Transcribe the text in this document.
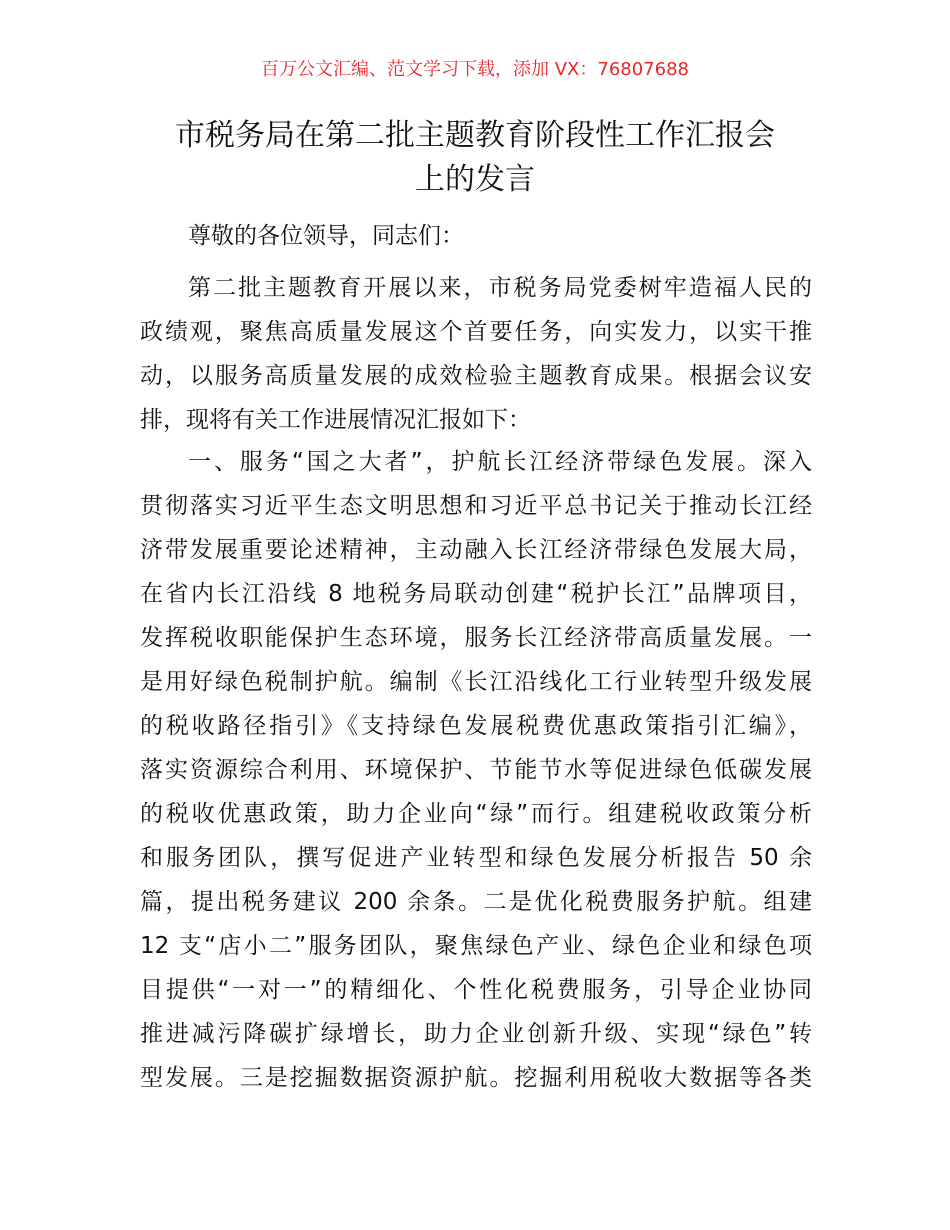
百万公文汇编、范文学习下载，添加 VX：76807688
市税务局在第二批主题教育阶段性工作汇报会
上的发言
尊敬的各位领导，同志们：
第二批主题教育开展以来，市税务局党委树牢造福人民的
政绩观，聚焦高质量发展这个首要任务，向实发力，以实干推
动，以服务高质量发展的成效检验主题教育成果。根据会议安
排，现将有关工作进展情况汇报如下：
一、服务“国之大者”，护航长江经济带绿色发展。深入
贯彻落实习近平生态文明思想和习近平总书记关于推动长江经
济带发展重要论述精神，主动融入长江经济带绿色发展大局，
在省内长江沿线 8 地税务局联动创建“税护长江”品牌项目，
发挥税收职能保护生态环境，服务长江经济带高质量发展。一
是用好绿色税制护航。编制《长江沿线化工行业转型升级发展
的税收路径指引》《支持绿色发展税费优惠政策指引汇编》，
落实资源综合利用、环境保护、节能节水等促进绿色低碳发展
的税收优惠政策，助力企业向“绿”而行。组建税收政策分析
和服务团队，撰写促进产业转型和绿色发展分析报告 50 余
篇，提出税务建议 200 余条。二是优化税费服务护航。组建
12 支“店小二”服务团队，聚焦绿色产业、绿色企业和绿色项
目提供“一对一”的精细化、个性化税费服务，引导企业协同
推进减污降碳扩绿增长，助力企业创新升级、实现“绿色”转
型发展。三是挖掘数据资源护航。挖掘利用税收大数据等各类
